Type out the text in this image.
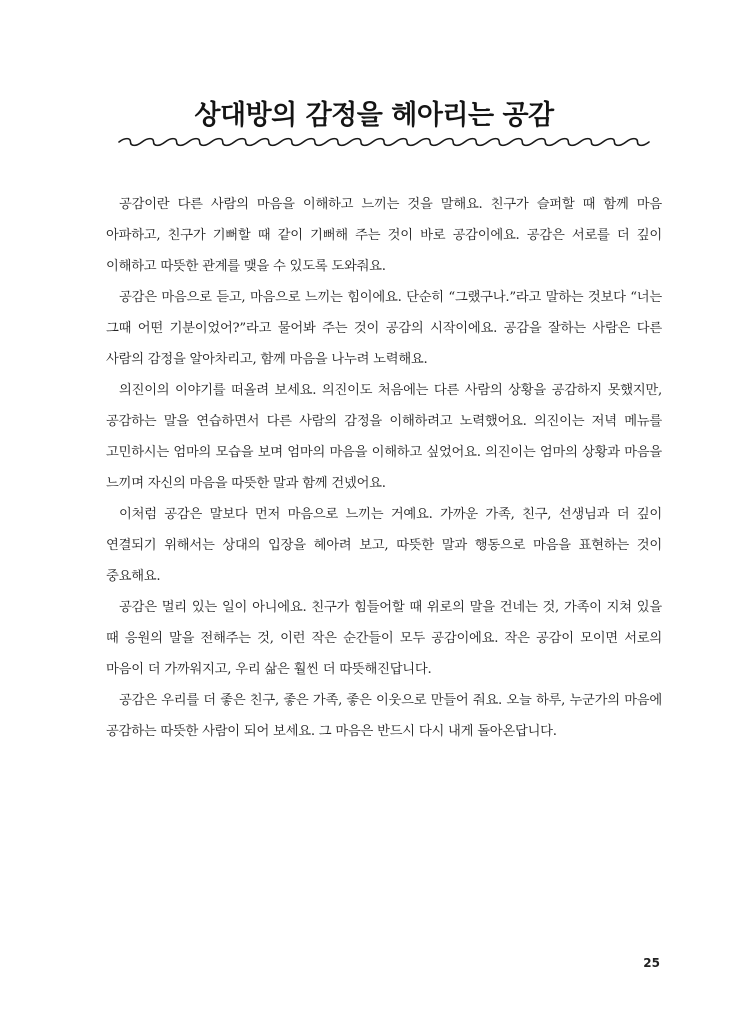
상대방의 감정을 헤아리는 공감

공감이란 다른 사람의 마음을 이해하고 느끼는 것을 말해요. 친구가 슬퍼할 때 함께 마음 아파하고, 친구가 기뻐할 때 같이 기뻐해 주는 것이 바로 공감이에요. 공감은 서로를 더 깊이 이해하고 따뜻한 관계를 맺을 수 있도록 도와줘요.

공감은 마음으로 듣고, 마음으로 느끼는 힘이에요. 단순히 “그랬구나.”라고 말하는 것보다 “너는 그때 어떤 기분이었어?”라고 물어봐 주는 것이 공감의 시작이에요. 공감을 잘하는 사람은 다른 사람의 감정을 알아차리고, 함께 마음을 나누려 노력해요.

의진이의 이야기를 떠올려 보세요. 의진이도 처음에는 다른 사람의 상황을 공감하지 못했지만, 공감하는 말을 연습하면서 다른 사람의 감정을 이해하려고 노력했어요. 의진이는 저녁 메뉴를 고민하시는 엄마의 모습을 보며 엄마의 마음을 이해하고 싶었어요. 의진이는 엄마의 상황과 마음을 느끼며 자신의 마음을 따뜻한 말과 함께 건넸어요.

이처럼 공감은 말보다 먼저 마음으로 느끼는 거예요. 가까운 가족, 친구, 선생님과 더 깊이 연결되기 위해서는 상대의 입장을 헤아려 보고, 따뜻한 말과 행동으로 마음을 표현하는 것이 중요해요.

공감은 멀리 있는 일이 아니에요. 친구가 힘들어할 때 위로의 말을 건네는 것, 가족이 지쳐 있을 때 응원의 말을 전해주는 것, 이런 작은 순간들이 모두 공감이에요. 작은 공감이 모이면 서로의 마음이 더 가까워지고, 우리 삶은 훨씬 더 따뜻해진답니다.

공감은 우리를 더 좋은 친구, 좋은 가족, 좋은 이웃으로 만들어 줘요. 오늘 하루, 누군가의 마음에 공감하는 따뜻한 사람이 되어 보세요. 그 마음은 반드시 다시 내게 돌아온답니다.

25
